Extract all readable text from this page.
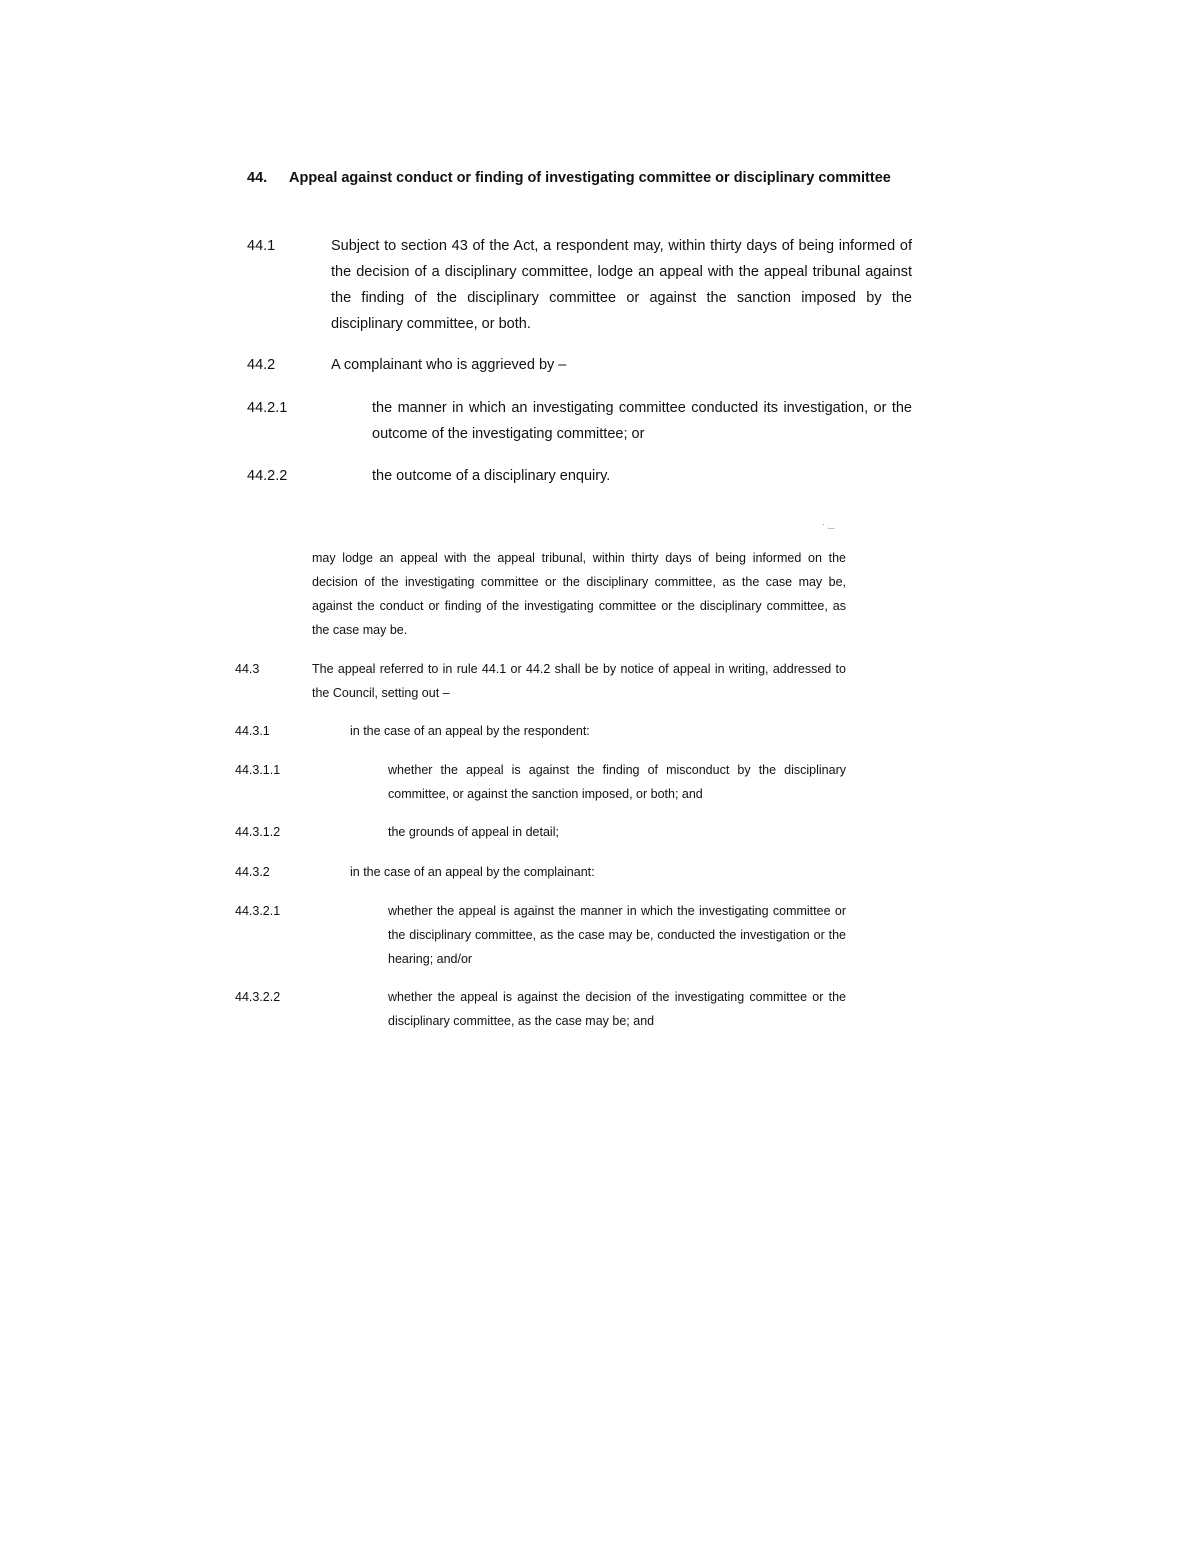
44. Appeal against conduct or finding of investigating committee or disciplinary committee
44.1	Subject to section 43 of the Act, a respondent may, within thirty days of being informed of the decision of a disciplinary committee, lodge an appeal with the appeal tribunal against the finding of the disciplinary committee or against the sanction imposed by the disciplinary committee, or both.
44.2	A complainant who is aggrieved by –
44.2.1	the manner in which an investigating committee conducted its investigation, or the outcome of the investigating committee; or
44.2.2	the outcome of a disciplinary enquiry.
· ‿
may lodge an appeal with the appeal tribunal, within thirty days of being informed on the decision of the investigating committee or the disciplinary committee, as the case may be, against the conduct or finding of the investigating committee or the disciplinary committee, as the case may be.
44.3	The appeal referred to in rule 44.1 or 44.2 shall be by notice of appeal in writing, addressed to the Council, setting out –
44.3.1	in the case of an appeal by the respondent:
44.3.1.1	whether the appeal is against the finding of misconduct by the disciplinary committee, or against the sanction imposed, or both; and
44.3.1.2	the grounds of appeal in detail;
44.3.2	in the case of an appeal by the complainant:
44.3.2.1	whether the appeal is against the manner in which the investigating committee or the disciplinary committee, as the case may be, conducted the investigation or the hearing; and/or
44.3.2.2	whether the appeal is against the decision of the investigating committee or the disciplinary committee, as the case may be; and
